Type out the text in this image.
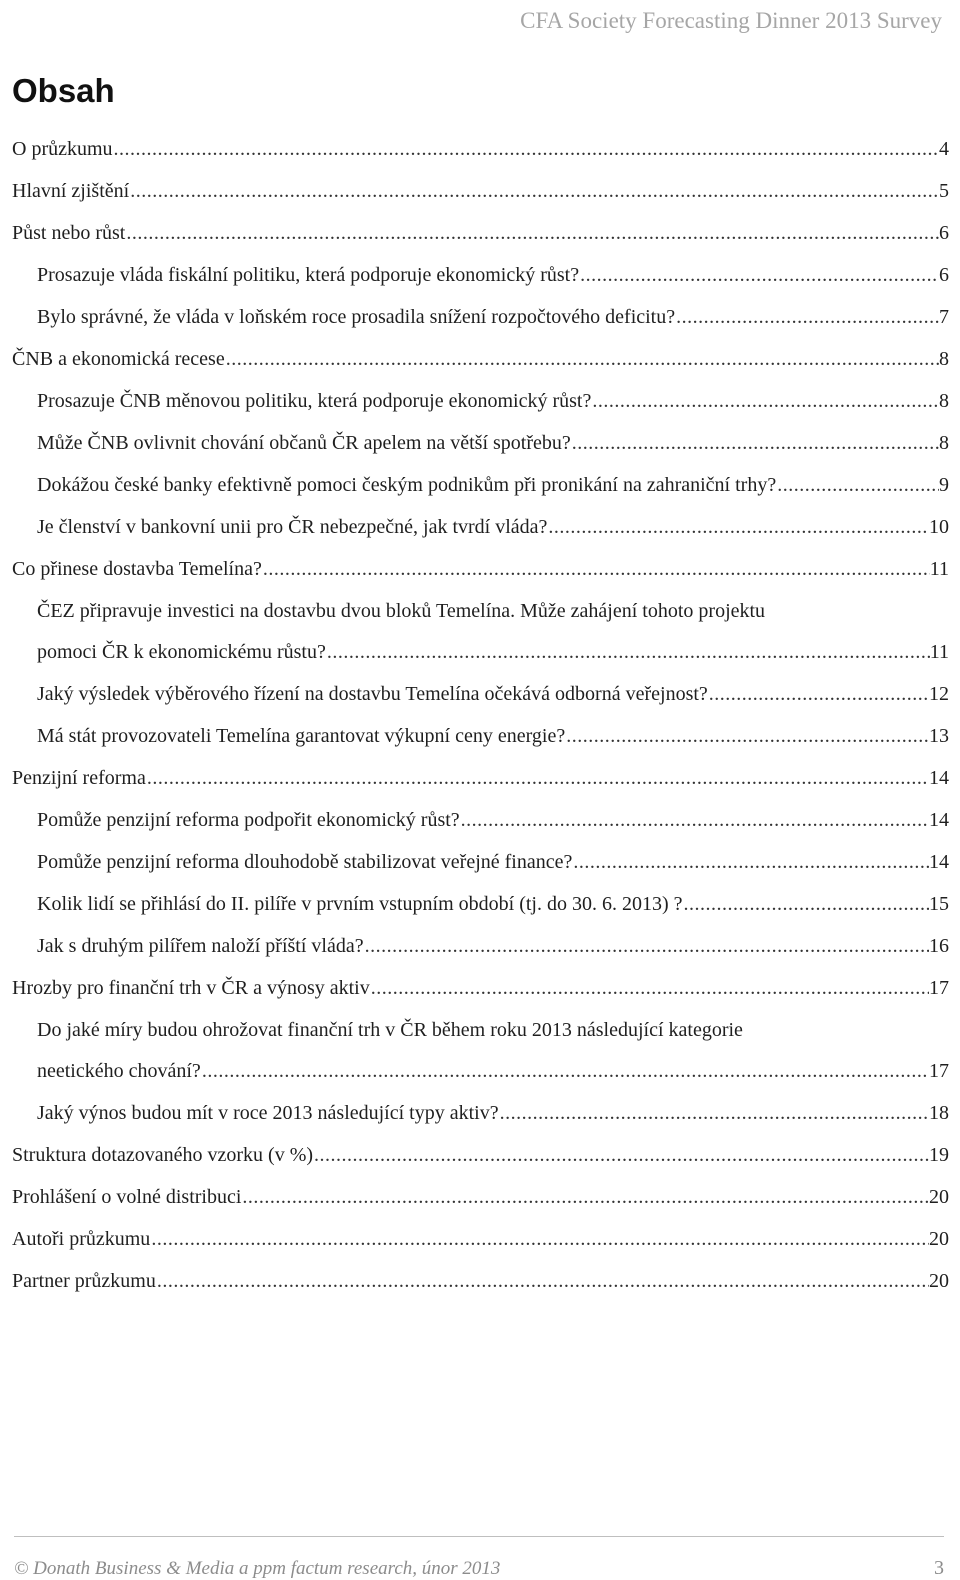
CFA Society Forecasting Dinner 2013 Survey
Obsah
O průzkumu .....	4
Hlavní zjištění .....	5
Půst nebo růst .....	6
Prosazuje vláda fiskální politiku, která podporuje ekonomický růst? .....	6
Bylo správné, že vláda v loňském roce prosadila snížení rozpočtového deficitu? .....	7
ČNB a ekonomická recese .....	8
Prosazuje ČNB měnovou politiku, která podporuje ekonomický růst? .....	8
Může ČNB ovlivnit chování občanů ČR apelem na větší spotřebu? .....	8
Dokážou české banky efektivně pomoci českým podnikům při pronikání na zahraniční trhy? .....	9
Je členství v bankovní unii pro ČR nebezpečné, jak tvrdí vláda? .....	10
Co přinese dostavba Temelína? .....	11
ČEZ připravuje investici na dostavbu dvou bloků Temelína. Může zahájení tohoto projektu
pomoci ČR k ekonomickému růstu? .....	11
Jaký výsledek výběrového řízení na dostavbu Temelína očekává odborná veřejnost? .....	12
Má stát provozovateli Temelína garantovat výkupní ceny energie? .....	13
Penzijní reforma .....	14
Pomůže penzijní reforma podpořit ekonomický růst? .....	14
Pomůže penzijní reforma dlouhodobě stabilizovat veřejné finance? .....	14
Kolik lidí se přihlásí do II. pilíře v prvním vstupním období (tj. do 30. 6. 2013) ? .....	15
Jak s druhým pilířem naloží příští vláda? .....	16
Hrozby pro finanční trh v ČR a výnosy aktiv .....	17
Do jaké míry budou ohrožovat finanční trh v ČR během roku 2013 následující kategorie
neetického chování? .....	17
Jaký výnos budou mít v roce 2013 následující typy aktiv? .....	18
Struktura dotazovaného vzorku (v %) .....	19
Prohlášení o volné distribuci .....	20
Autoři průzkumu .....	20
Partner průzkumu .....	20
© Donath Business & Media a ppm factum research, únor 2013	3
